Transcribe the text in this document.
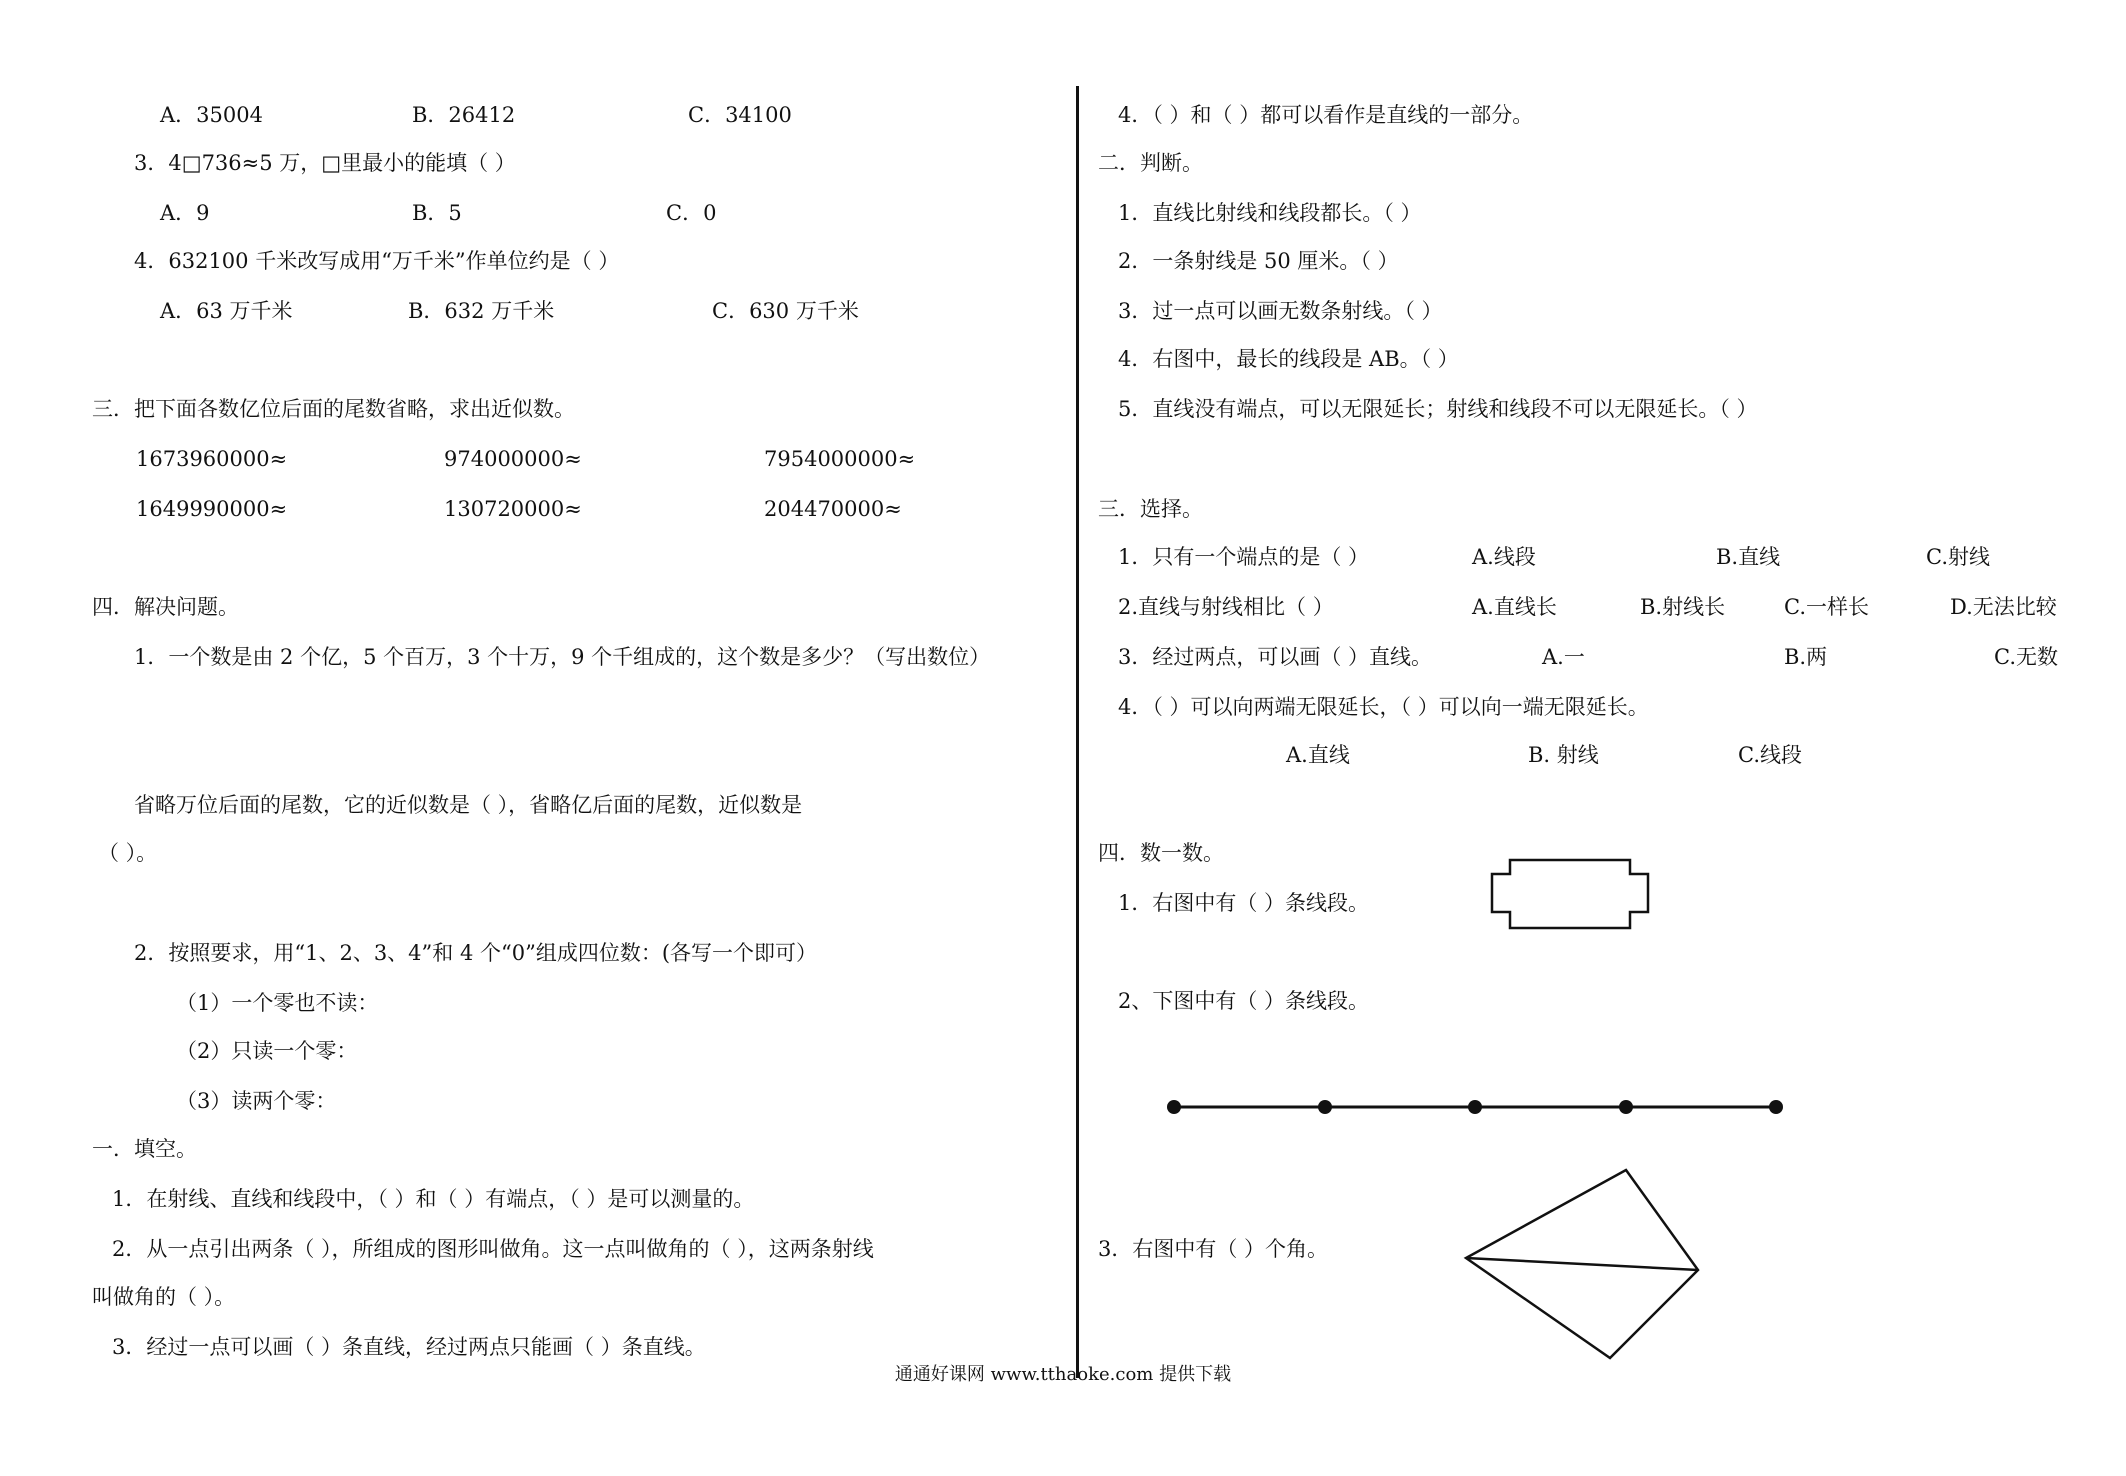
A．35004	B．26412	C．34100
3．4□736≈5 万，□里最小的能填（ ）
A．9	B．5	C．0
4．632100 千米改写成用“万千米”作单位约是（ ）
A．63 万千米	B．632 万千米	C．630 万千米
三．把下面各数亿位后面的尾数省略，求出近似数。
1673960000≈	974000000≈	7954000000≈
1649990000≈	130720000≈	204470000≈
四．解决问题。
1．一个数是由 2 个亿，5 个百万，3 个十万，9 个千组成的，这个数是多少？（写出数位）
省略万位后面的尾数，它的近似数是（ ），省略亿后面的尾数，近似数是
（ ）。
2．按照要求，用“1、2、3、4”和 4 个“0”组成四位数：(各写一个即可）
（1）一个零也不读：
（2）只读一个零：
（3）读两个零：
一．填空。
1．在射线、直线和线段中，（ ）和（ ）有端点，（ ）是可以测量的。
2．从一点引出两条（ ），所组成的图形叫做角。这一点叫做角的（ ），这两条射线
叫做角的（ ）。
3．经过一点可以画（ ）条直线，经过两点只能画（ ）条直线。
4．（ ）和（ ）都可以看作是直线的一部分。
二．判断。
1．直线比射线和线段都长。（ ）
2．一条射线是 50 厘米。（ ）
3．过一点可以画无数条射线。（ ）
4．右图中，最长的线段是 AB。（ ）
5．直线没有端点，可以无限延长；射线和线段不可以无限延长。（ ）
三．选择。
1．只有一个端点的是（ ）	A.线段	B.直线	C.射线
2.直线与射线相比（ ）	A.直线长	B.射线长	C.一样长	D.无法比较
3．经过两点，可以画（ ）直线。	A.一	B.两	C.无数
4．（ ）可以向两端无限延长，（ ）可以向一端无限延长。
A.直线	B. 射线	C.线段
四．数一数。
1．右图中有（ ）条线段。
2、下图中有（ ）条线段。
3．右图中有（ ）个角。
通通好课网 www.tthaoke.com 提供下载
